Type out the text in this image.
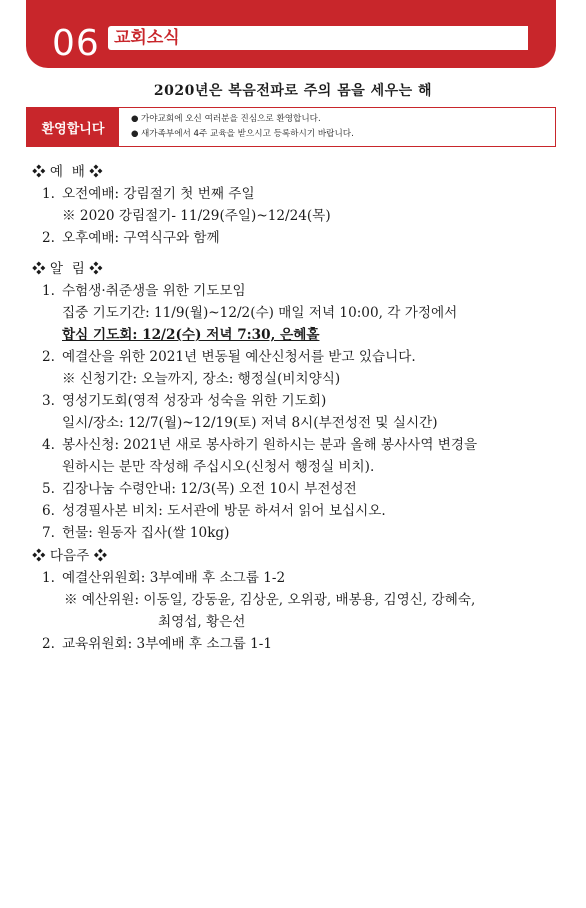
06 교회소식
2020년은 복음전파로 주의 몸을 세우는 해
환영합니다
● 가야교회에 오신 여러분을 진심으로 환영합니다.
● 새가족부에서 4주 교육을 받으시고 등록하시기 바랍니다.
❖ 예  배 ❖
1. 오전예배: 강림절기 첫 번째 주일
※ 2020 강림절기- 11/29(주일)~12/24(목)
2. 오후예배: 구역식구와 함께
❖ 알  림 ❖
1. 수험생·취준생을 위한 기도모임
집중 기도기간: 11/9(월)~12/2(수) 매일 저녁 10:00, 각 가정에서
합심 기도회: 12/2(수) 저녁 7:30, 은혜홀
2. 예결산을 위한 2021년 변동될 예산신청서를 받고 있습니다.
※ 신청기간: 오늘까지, 장소: 행정실(비치양식)
3. 영성기도회(영적 성장과 성숙을 위한 기도회)
일시/장소: 12/7(월)~12/19(토) 저녁 8시(부전성전 및 실시간)
4. 봉사신청: 2021년 새로 봉사하기 원하시는 분과 올해 봉사사역 변경을
원하시는 분만 작성해 주십시오(신청서 행정실 비치).
5. 김장나눔 수령안내: 12/3(목) 오전 10시 부전성전
6. 성경필사본 비치: 도서관에 방문 하셔서 읽어 보십시오.
7. 헌물: 원동자 집사(쌀 10kg)
❖ 다음주 ❖
1. 예결산위원회: 3부예배 후 소그룹 1-2
※ 예산위원: 이동일, 강동윤, 김상운, 오위광, 배봉용, 김영신, 강혜숙,
최영섭, 황은선
2. 교육위원회: 3부예배 후 소그룹 1-1
